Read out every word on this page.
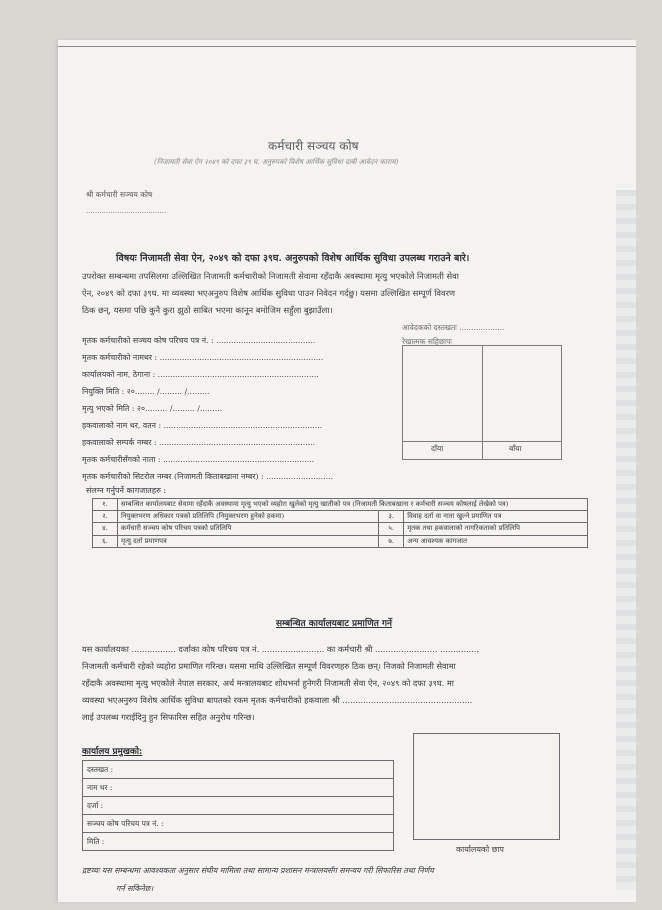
कर्मचारी सञ्चय कोष
(निजामती सेवा ऐन २०४९ को दफा ३९ घ. अनुरुपको विशेष आर्थिक सुविधा दाबी आवेदन फाराम)
श्री कर्मचारी सञ्चय कोष
....................................
विषयः निजामती सेवा ऐन, २०४९ को दफा ३९घ. अनुरुपको विशेष आर्थिक सुविधा उपलब्ध गराउने बारे।
उपरोक्त सम्बन्धमा तपसिलमा उल्लिखित निजामती कर्मचारीको निजामती सेवामा रहँदाकै अवस्थामा मृत्यु भएकोले निजामती सेवा
ऐन, २०४९ को दफा ३९घ. मा व्यवस्था भएअनुरुप विशेष आर्थिक सुविधा पाउन निवेदन गर्दछु। यसमा उल्लिखित सम्पूर्ण विवरण
ठिक छन्, यसमा पछि कुनै कुरा झुठो साबित भएमा कानून बमोजिम सहुँला बुझाउँला।
मृतक कर्मचारीको सञ्चय कोष परिचय पत्र नं. : ........................................
मृतक कर्मचारीको नामथर : ..................................................................
कार्यालयको नाम, ठेगाना : .................................................................
नियुक्ति मिति : २०........ /......... /.........
मृत्यु भएको मिति : २०......... /......... /.........
हकवालाको नाम थर, वतन : ................................................................
हकवालाको सम्पर्क नम्बर : ...............................................................
मृतक कर्मचारीसँगको नाता : .............................................................
मृतक कर्मचारीको सिटरोल नम्बर (निजामती किताबखाना नम्बर) : ...........................
आवेदकको दस्तखतः ...................
रेखात्मक सहिछापः
दाँया	बाँया
संलग्न गर्नुपर्ने कागजातहरु :
१.	सम्बन्धित कार्यालयबाट सेवामा रहँदाकै अवस्थामा मृत्यु भएको व्यहोरा खुलेको मृत्यु खातीको पत्र (निजामती किताबखाना र कर्मचारी सञ्चय कोषलाई लेखेको पत्र)		
२.	नियुक्तभरण अधिकार पत्रको प्रतिलिपि (नियुक्तभरण हुनेको हकमा)	३.	विवाह दर्ता वा नाता खुल्ने प्रमाणित पत्र
४.	कर्मचारी सञ्चय कोष परिचय पत्रको प्रतिलिपि	५.	मृतक तथा हकवालाको नागरिकताको प्रतिलिपि
६.	मृत्यु दर्ता प्रमाणपत्र	७.	अन्य आवश्यक कागजात
सम्बन्धित कार्यालयबाट प्रमाणित गर्ने
यस कार्यालयका ................. दर्जाका कोष परिचय पत्र नं. ........................ का कर्मचारी श्री ........................ ...............
निजामती कर्मचारी रहेको व्यहोरा प्रमाणित गरिन्छ। यसमा माथि उल्लिखित सम्पूर्ण विवरणहरु ठिक छन्। निजको निजामती सेवामा
रहँदाकै अवस्थामा मृत्यु भएकोले नेपाल सरकार, अर्थ मन्त्रालयबाट शोधभर्ना हुनेगरी निजामती सेवा ऐन, २०४९ को दफा ३९घ. मा
व्यवस्था भएअनुरुप विशेष आर्थिक सुविधा बापतको रकम मृतक कर्मचारीको हकवाला श्री ..................................................
लाई उपलब्ध गराईदिनु हुन सिफारिस सहित अनुरोध गरिन्छ।
कार्यालय प्रमुखको:
दस्तखत :
नाम थर :
दर्जा :
सञ्चय कोष परिचय पत्र नं. :
मिति :
कार्यालयको छाप
द्रष्टव्यः यस सम्बन्धमा आवश्यकता अनुसार संघीय मामिला तथा सामान्य प्रशासन मन्त्रालयसँग समन्वय गरी सिफारिस तथा निर्णय
गर्न सकिनेछ।
